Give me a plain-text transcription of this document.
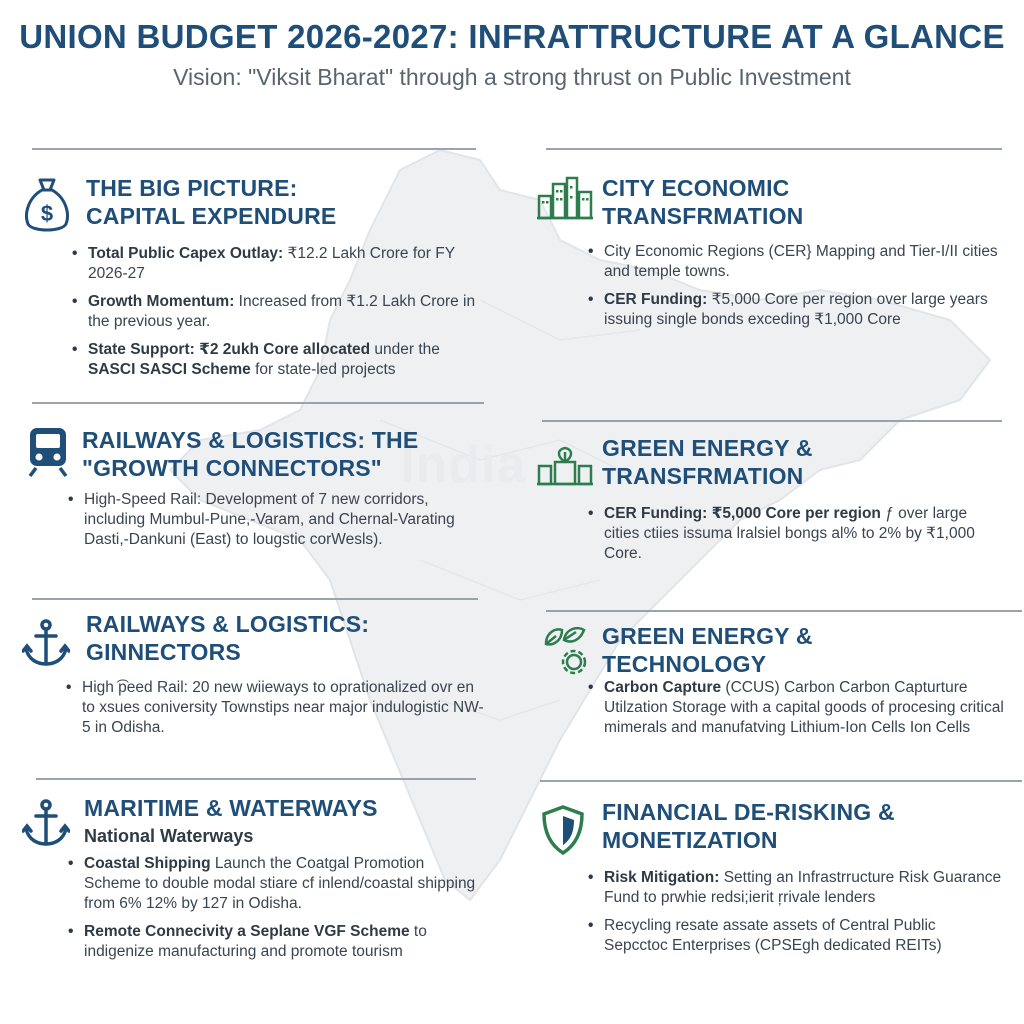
India
UNION BUDGET 2026-2027: INFRATTRUCTURE AT A GLANCE
Vision: "Viksit Bharat" through a strong thrust on Public Investment
$
THE BIG PICTURE:
CAPITAL EXPENDURE
• Total Public Capex Outlay: ₹12.2 Lakh Crore for FY 2026-27
• Growth Momentum: Increased from ₹1.2 Lakh Crore in the previous year.
• State Support: ₹2 2ukh Core allocated under the SASCI SASCI Scheme for state-led projects
CITY ECONOMIC
TRANSFRMATION
• City Economic Regions (CER} Mapping and Tier-I/II cities and temple towns.
• CER Funding: ₹5,000 Core per region over large years issuing single bonds exceding ₹1,000 Core
RAILWAYS & LOGISTICS: THE
"GROWTH CONNECTORS"
• High-Speed Rail: Development of 7 new corridors, including Mumbul-Pune,-Varam, and Chernal-Varating Dasti,-Dankuni (East) to lougstic corWesls).
GREEN ENERGY &
TRANSFRMATION
• CER Funding: ₹5,000 Core per region ƒ over large cities ctiies issuma lralsiel bongs al% to 2% by ₹1,000 Core.
RAILWAYS & LOGISTICS:
GINNECTORS
• High ͡peed Rail: 20 new wiieways to oprationalized ovr en to xsues coniversity Townstips near major indulogistic NW-5 in Odisha.
GREEN ENERGY &
TECHNOLOGY
• Carbon Capture (CCUS) Carbon Carbon Capturture Utilzation Storage with a capital goods of procesing critical mimerals and manufatving Lithium-Ion Cells Ion Cells
MARITIME & WATERWAYS
National Waterways
• Coastal Shipping Launch the Coatgal Promotion Scheme to double modal stiare cf inlend/coastal shipping from 6% 12% by 127 in Odisha.
• Remote Connecivity a Seplane VGF Scheme to indigenize manufacturing and promote tourism
FINANCIAL DE-RISKING &
MONETIZATION
• Risk Mitigation: Setting an Infrastrructure Risk Guarance Fund to prwhie redsi;ierit ŗrivale lenders
• Recycling resate assate assets of Central Public Sepcctoc Enterprises (CPSEgh dedicated REITs)
